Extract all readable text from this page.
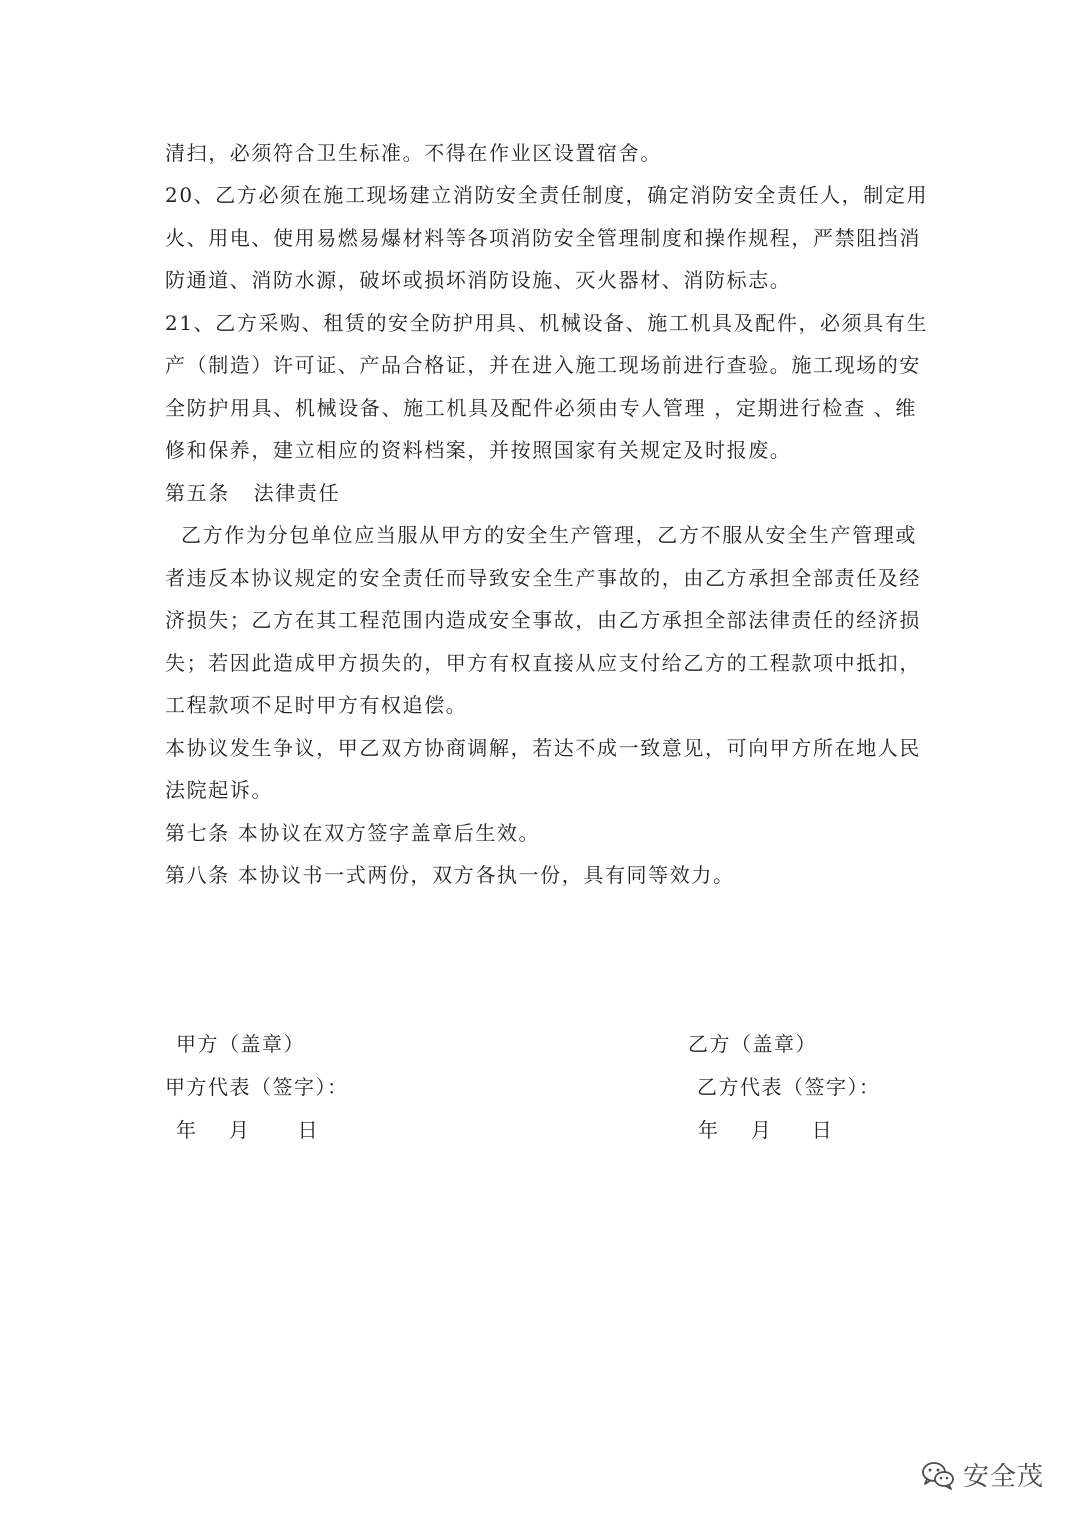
清扫，必须符合卫生标准。不得在作业区设置宿舍。
20、乙方必须在施工现场建立消防安全责任制度，确定消防安全责任人，制定用
火、用电、使用易燃易爆材料等各项消防安全管理制度和操作规程，严禁阻挡消
防通道、消防水源，破坏或损坏消防设施、灭火器材、消防标志。
21、乙方采购、租赁的安全防护用具、机械设备、施工机具及配件，必须具有生
产（制造）许可证、产品合格证，并在进入施工现场前进行查验。施工现场的安
全防护用具、机械设备、施工机具及配件必须由专人管理 ，定期进行检查 、维
修和保养，建立相应的资料档案，并按照国家有关规定及时报废。
第五条   法律责任
乙方作为分包单位应当服从甲方的安全生产管理，乙方不服从安全生产管理或
者违反本协议规定的安全责任而导致安全生产事故的，由乙方承担全部责任及经
济损失；乙方在其工程范围内造成安全事故，由乙方承担全部法律责任的经济损
失；若因此造成甲方损失的，甲方有权直接从应支付给乙方的工程款项中抵扣，
工程款项不足时甲方有权追偿。
本协议发生争议，甲乙双方协商调解，若达不成一致意见，可向甲方所在地人民
法院起诉。
第七条 本协议在双方签字盖章后生效。
第八条 本协议书一式两份，双方各执一份，具有同等效力。
甲方（盖章）
甲方代表（签字）：
年    月      日
乙方（盖章）
乙方代表（签字）：
年    月     日
安全茂
